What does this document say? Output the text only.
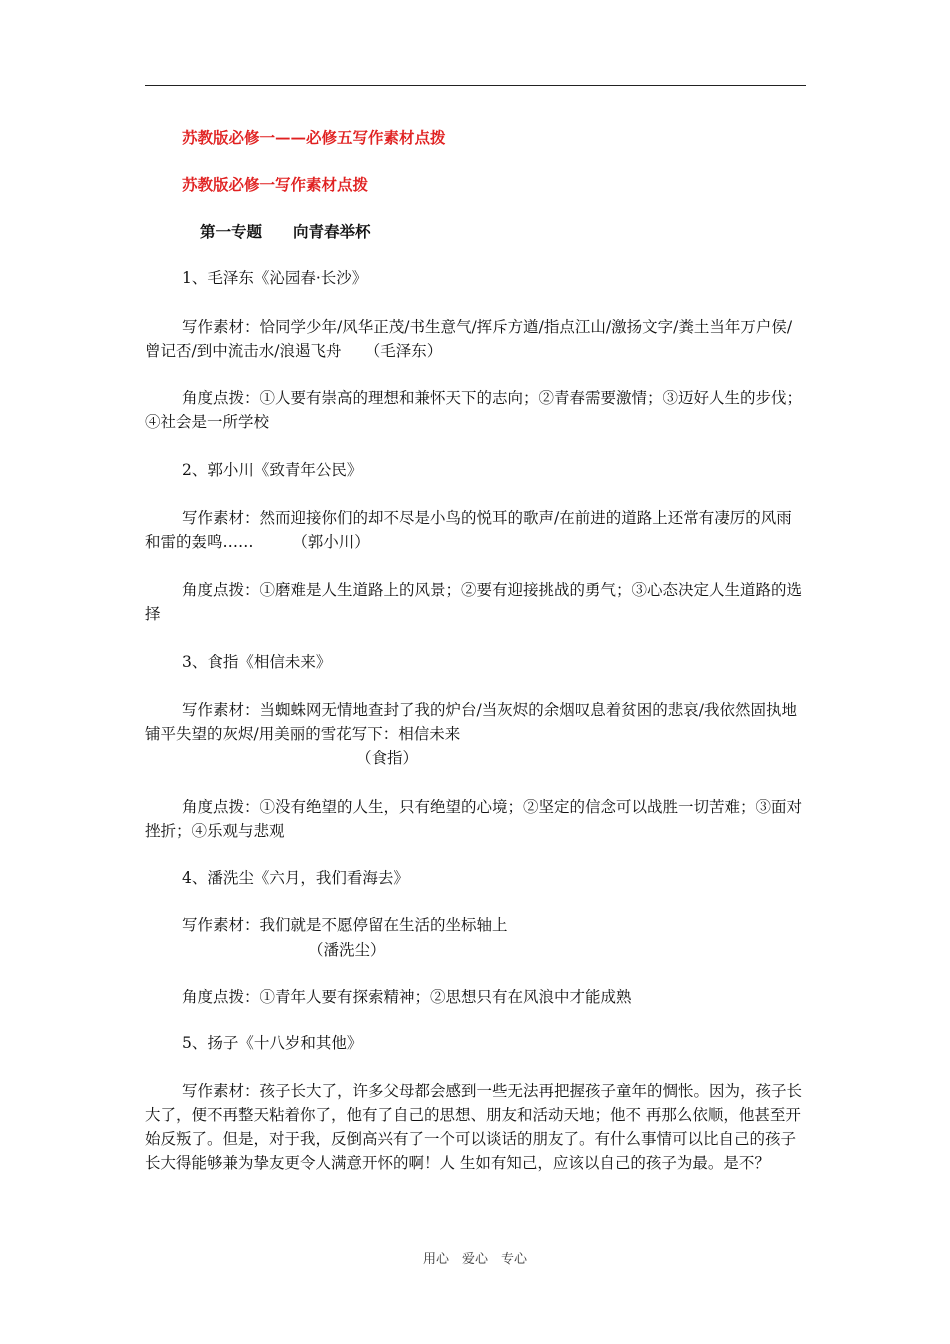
苏教版必修一——必修五写作素材点拨
苏教版必修一写作素材点拨
第一专题　　向青春举杯
1、毛泽东《沁园春·长沙》
写作素材：恰同学少年/风华正茂/书生意气/挥斥方遒/指点江山/激扬文字/粪土当年万户侯/曾记否/到中流击水/浪遏飞舟　　（毛泽东）
角度点拨：①人要有崇高的理想和兼怀天下的志向；②青春需要激情；③迈好人生的步伐；④社会是一所学校
2、郭小川《致青年公民》
写作素材：然而迎接你们的却不尽是小鸟的悦耳的歌声/在前进的道路上还常有凄厉的风雨和雷的轰鸣……　　　（郭小川）
角度点拨：①磨难是人生道路上的风景；②要有迎接挑战的勇气；③心态决定人生道路的选择
3、食指《相信未来》
写作素材：当蜘蛛网无情地查封了我的炉台/当灰烬的余烟叹息着贫困的悲哀/我依然固执地铺平失望的灰烬/用美丽的雪花写下：相信未来
（食指）
角度点拨：①没有绝望的人生，只有绝望的心境；②坚定的信念可以战胜一切苦难；③面对挫折；④乐观与悲观
4、潘洗尘《六月，我们看海去》
写作素材：我们就是不愿停留在生活的坐标轴上
（潘洗尘）
角度点拨：①青年人要有探索精神；②思想只有在风浪中才能成熟
5、扬子《十八岁和其他》
写作素材：孩子长大了，许多父母都会感到一些无法再把握孩子童年的惆怅。因为，孩子长大了，便不再整天粘着你了，他有了自己的思想、朋友和活动天地；他不 再那么依顺，他甚至开始反叛了。但是，对于我，反倒高兴有了一个可以谈话的朋友了。有什么事情可以比自己的孩子长大得能够兼为挚友更令人满意开怀的啊！人 生如有知己，应该以自己的孩子为最。是不？
用心　爱心　专心
